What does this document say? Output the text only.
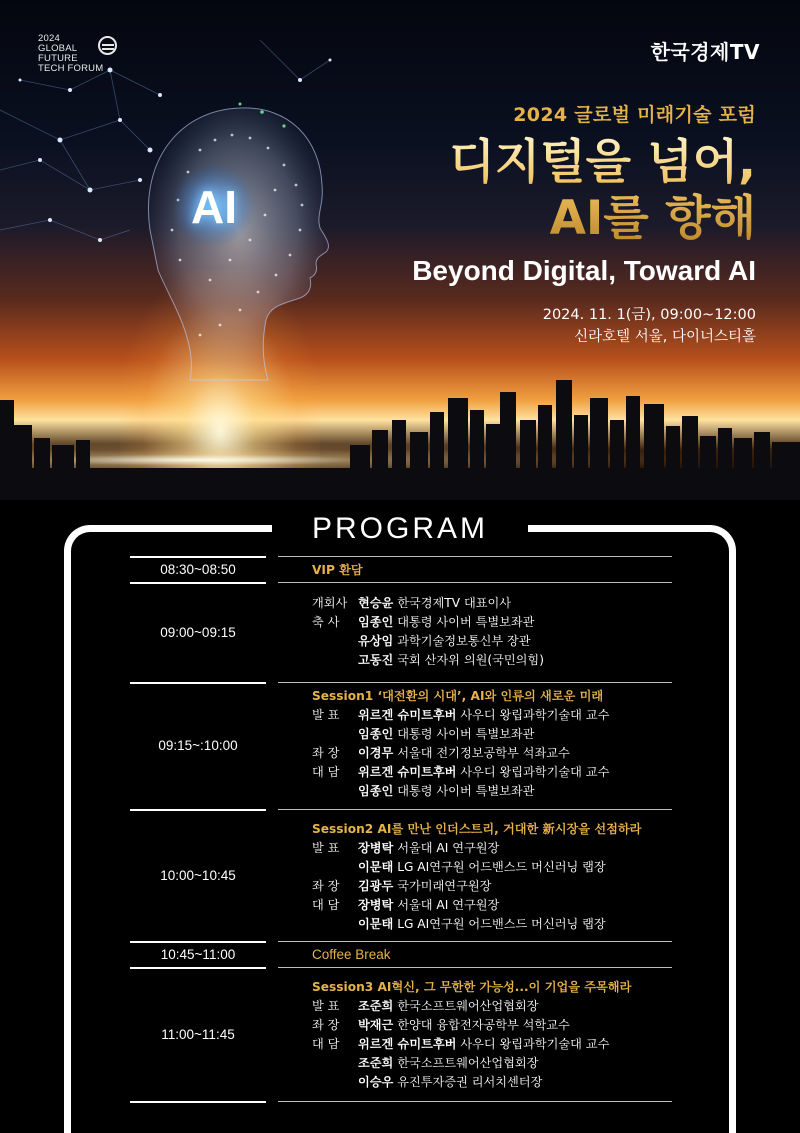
AI
2024
GLOBAL
FUTURE
TECH FORUM
한국경제TV
2024 글로벌 미래기술 포럼
디지털을 넘어,
AI를 향해
Beyond Digital, Toward AI
2024. 11. 1(금), 09:00~12:00
신라호텔 서울, 다이너스티홀
PROGRAM
08:30~08:50	VIP 환담
09:00~09:15
개회사 현승윤 한국경제TV 대표이사
축 사 임종인 대통령 사이버 특별보좌관
유상임 과학기술정보통신부 장관
고동진 국회 산자위 의원(국민의힘)
09:15~:10:00
Session1 ‘대전환의 시대’, AI와 인류의 새로운 미래
발 표 위르겐 슈미트후버 사우디 왕립과학기술대 교수
임종인 대통령 사이버 특별보좌관
좌 장 이경무 서울대 전기정보공학부 석좌교수
대 담 위르겐 슈미트후버 사우디 왕립과학기술대 교수
임종인 대통령 사이버 특별보좌관
10:00~10:45
Session2 AI를 만난 인더스트리, 거대한 新시장을 선점하라
발 표 장병탁 서울대 AI 연구원장
이문태 LG AI연구원 어드밴스드 머신러닝 랩장
좌 장 김광두 국가미래연구원장
대 담 장병탁 서울대 AI 연구원장
이문태 LG AI연구원 어드밴스드 머신러닝 랩장
10:45~11:00	Coffee Break
11:00~11:45
Session3 AI혁신, 그 무한한 가능성...이 기업을 주목해라
발 표 조준희 한국소프트웨어산업협회장
좌 장 박재근 한양대 융합전자공학부 석학교수
대 담 위르겐 슈미트후버 사우디 왕립과학기술대 교수
조준희 한국소프트웨어산업협회장
이승우 유진투자증권 리서치센터장
